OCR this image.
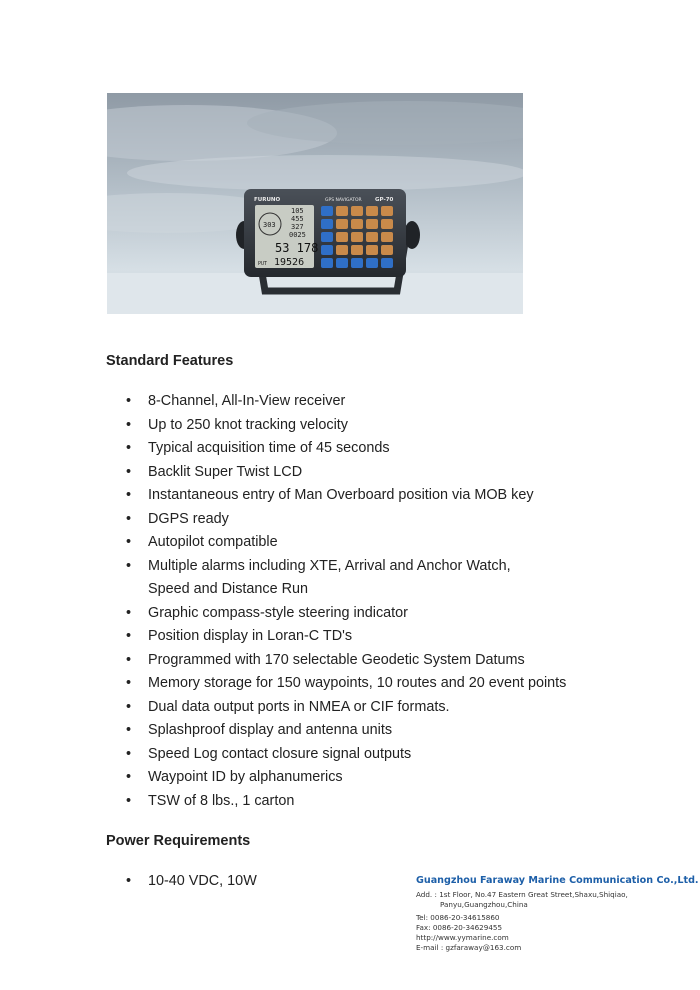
FURUNO	GPS NAVIGATOR GP-70
303
105
455
327
0025
53 178
PUT 19526
Standard Features
• 8-Channel, All-In-View receiver
• Up to 250 knot tracking velocity
• Typical acquisition time of 45 seconds
• Backlit Super Twist LCD
• Instantaneous entry of Man Overboard position via MOB key
• DGPS ready
• Autopilot compatible
• Multiple alarms including XTE, Arrival and Anchor Watch, Speed and Distance Run
• Graphic compass-style steering indicator
• Position display in Loran-C TD's
• Programmed with 170 selectable Geodetic System Datums
• Memory storage for 150 waypoints, 10 routes and 20 event points
• Dual data output ports in NMEA or CIF formats.
• Splashproof display and antenna units
• Speed Log contact closure signal outputs
• Waypoint ID by alphanumerics
• TSW of 8 lbs., 1 carton
Power Requirements
• 10-40 VDC, 10W	Guangzhou Faraway Marine Communication Co.,Ltd.
Add. : 1st Floor, No.47 Eastern Great Street,Shaxu,Shiqiao,
Panyu,Guangzhou,China
Tel: 0086-20-34615860
Fax: 0086-20-34629455
http://www.yymarine.com
E-mail : gzfaraway@163.com
